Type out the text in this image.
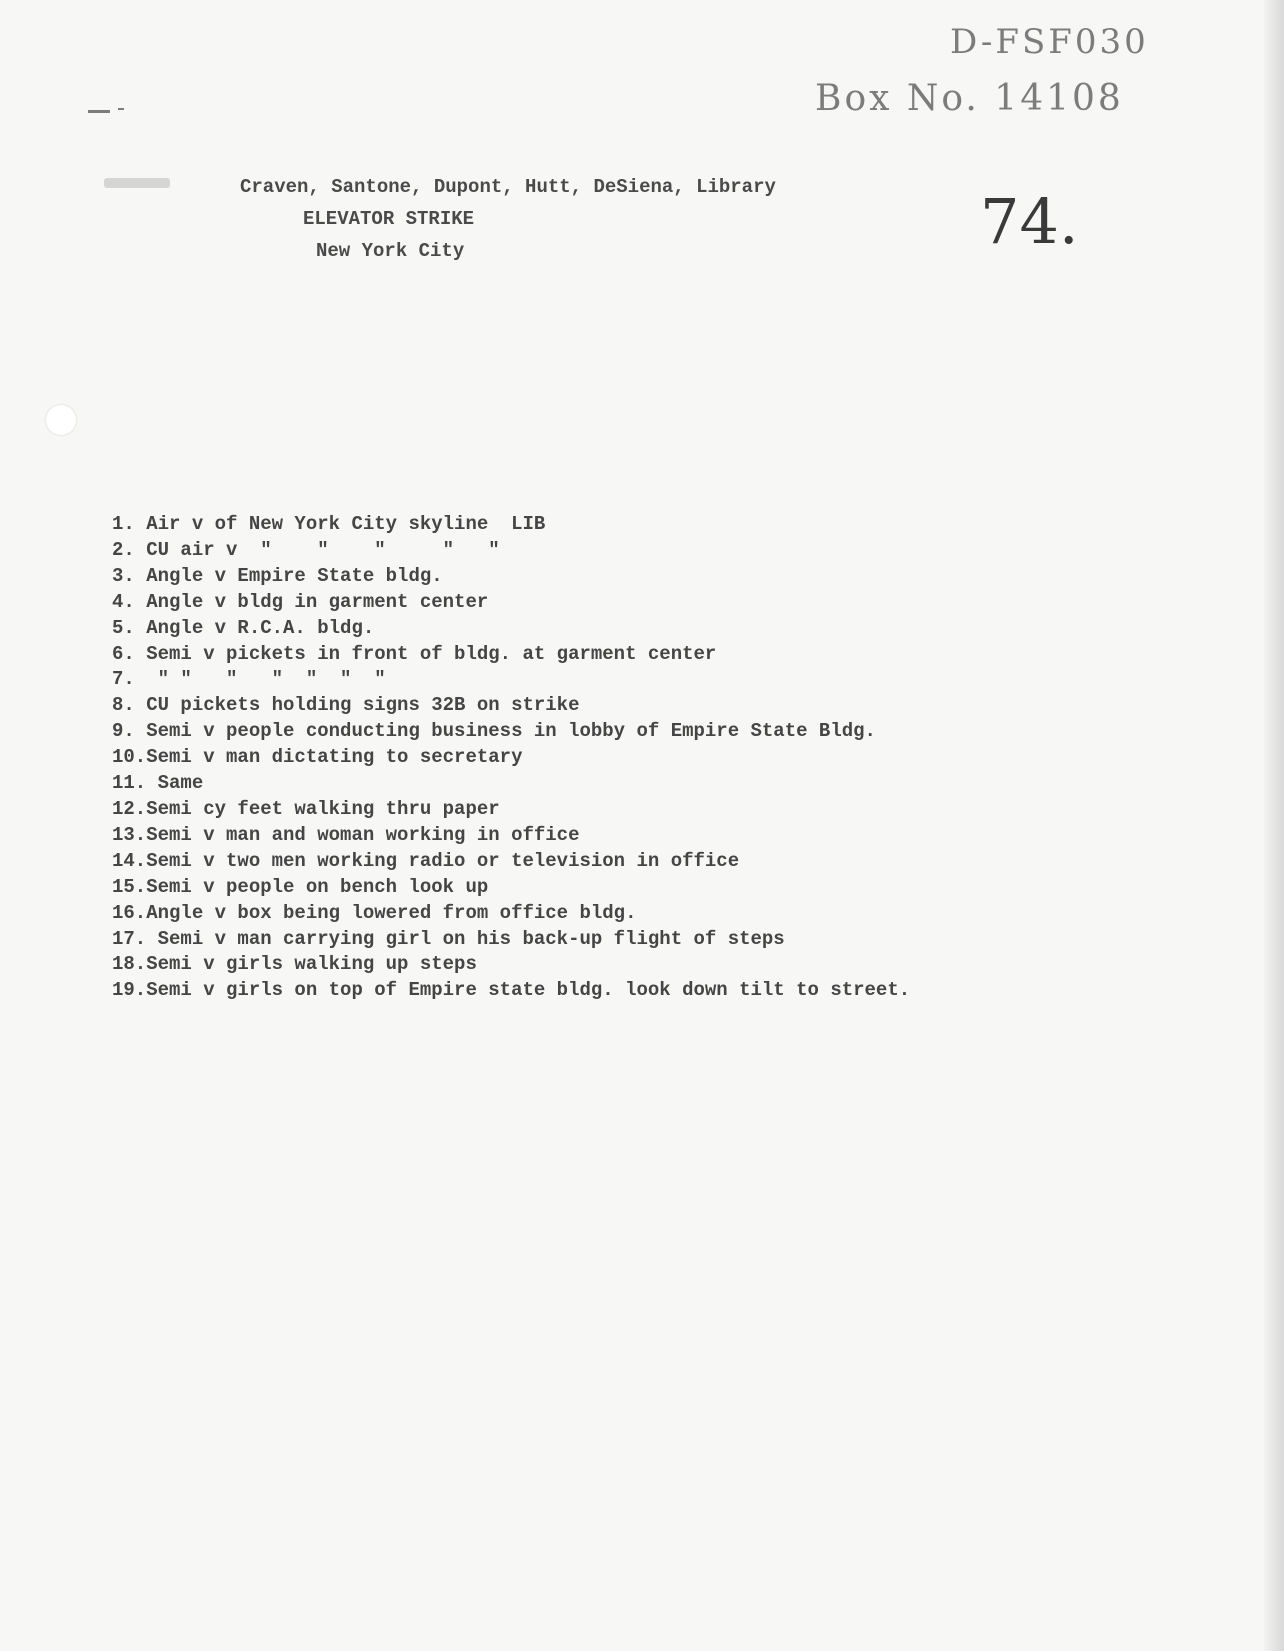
D-FSF030
Box No. 14108
74.
Craven, Santone, Dupont, Hutt, DeSiena, Library
ELEVATOR STRIKE
New York City
1. Air v of New York City skyline  LIB
2. CU air v  "    "    "     "   "
3. Angle v Empire State bldg.
4. Angle v bldg in garment center
5. Angle v R.C.A. bldg.
6. Semi v pickets in front of bldg. at garment center
7.  " "   "   "  "  "  "
8. CU pickets holding signs 32B on strike
9. Semi v people conducting business in lobby of Empire State Bldg.
10.Semi v man dictating to secretary
11. Same
12.Semi cy feet walking thru paper
13.Semi v man and woman working in office
14.Semi v two men working radio or television in office
15.Semi v people on bench look up
16.Angle v box being lowered from office bldg.
17. Semi v man carrying girl on his back-up flight of steps
18.Semi v girls walking up steps
19.Semi v girls on top of Empire state bldg. look down tilt to street.
